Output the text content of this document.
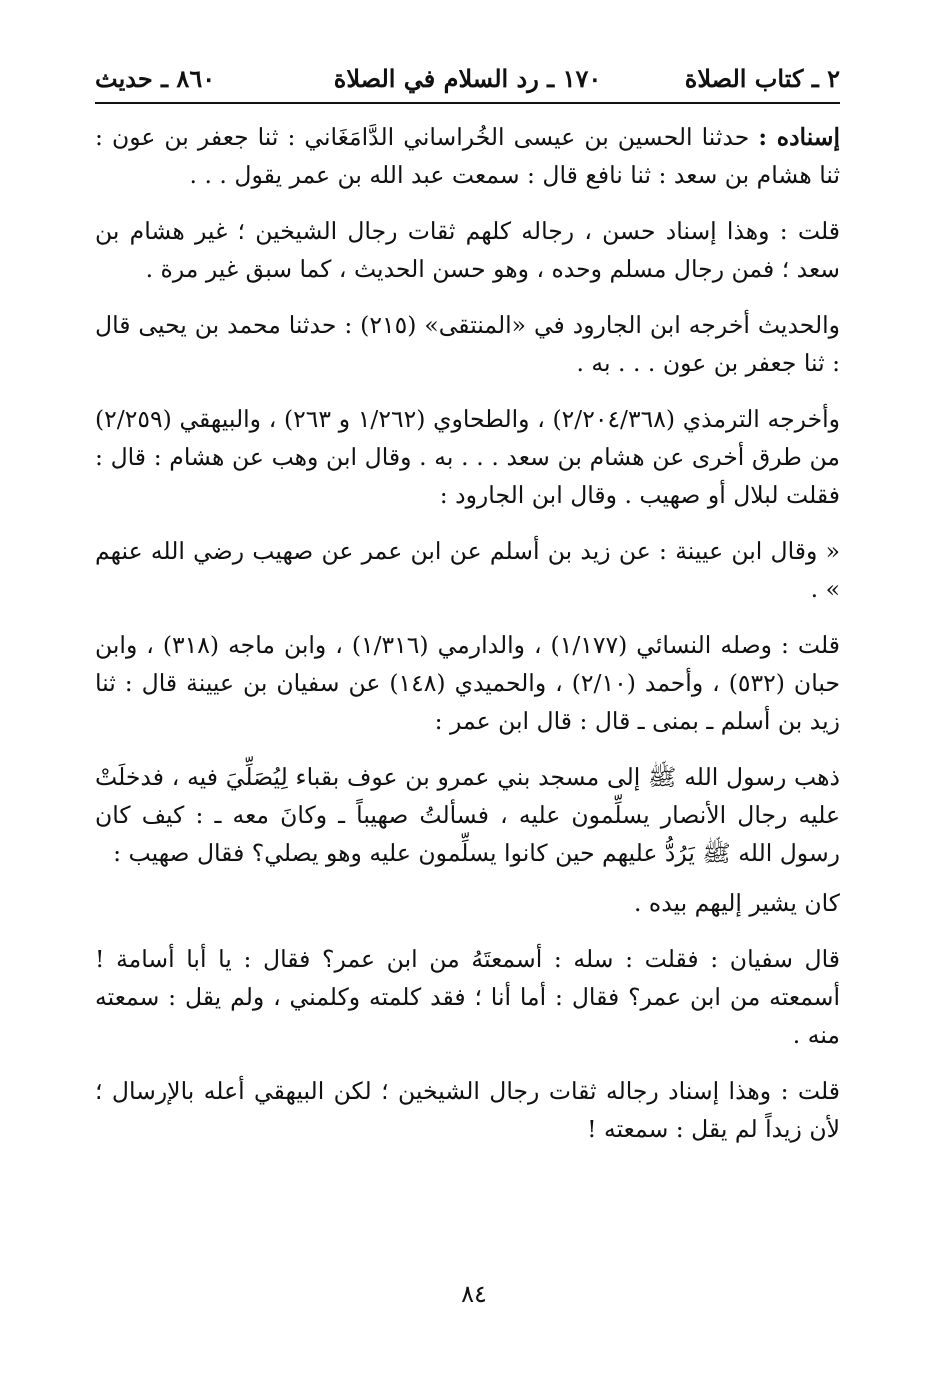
٢ ـ كتاب الصلاة
١٧٠ ـ رد السلام في الصلاة
٨٦٠ ـ حديث

إسناده : حدثنا الحسين بن عيسى الخُراساني الدَّامَغَاني : ثنا جعفر بن عون : ثنا هشام بن سعد : ثنا نافع قال : سمعت عبد الله بن عمر يقول . . .

قلت : وهذا إسناد حسن ، رجاله كلهم ثقات رجال الشيخين ؛ غير هشام بن سعد ؛ فمن رجال مسلم وحده ، وهو حسن الحديث ، كما سبق غير مرة .

والحديث أخرجه ابن الجارود في «المنتقى» (٢١٥) : حدثنا محمد بن يحيى قال : ثنا جعفر بن عون . . . به .

وأخرجه الترمذي (٢/٢٠٤/٣٦٨) ، والطحاوي (١/٢٦٢ و ٢٦٣) ، والبيهقي (٢/٢٥٩) من طرق أخرى عن هشام بن سعد . . . به . وقال ابن وهب عن هشام : قال : فقلت لبلال أو صهيب . وقال ابن الجارود :

« وقال ابن عيينة : عن زيد بن أسلم عن ابن عمر عن صهيب رضي الله عنهم » .

قلت : وصله النسائي (١/١٧٧) ، والدارمي (١/٣١٦) ، وابن ماجه (٣١٨) ، وابن حبان (٥٣٢) ، وأحمد (٢/١٠) ، والحميدي (١٤٨) عن سفيان بن عيينة قال : ثنا زيد بن أسلم ـ بمنى ـ قال : قال ابن عمر :

ذهب رسول الله ﷺ إلى مسجد بني عمرو بن عوف بقباء لِيُصَلِّيَ فيه ، فدخلَتْ عليه رجال الأنصار يسلِّمون عليه ، فسألتُ صهيباً ـ وكانَ معه ـ : كيف كان رسول الله ﷺ يَرُدُّ عليهم حين كانوا يسلِّمون عليه وهو يصلي؟ فقال صهيب :

كان يشير إليهم بيده .

قال سفيان : فقلت : سله : أسمعتَهُ من ابن عمر؟ فقال : يا أبا أسامة ! أسمعته من ابن عمر؟ فقال : أما أنا ؛ فقد كلمته وكلمني ، ولم يقل : سمعته منه .

قلت : وهذا إسناد رجاله ثقات رجال الشيخين ؛ لكن البيهقي أعله بالإرسال ؛ لأن زيداً لم يقل : سمعته !

٨٤
